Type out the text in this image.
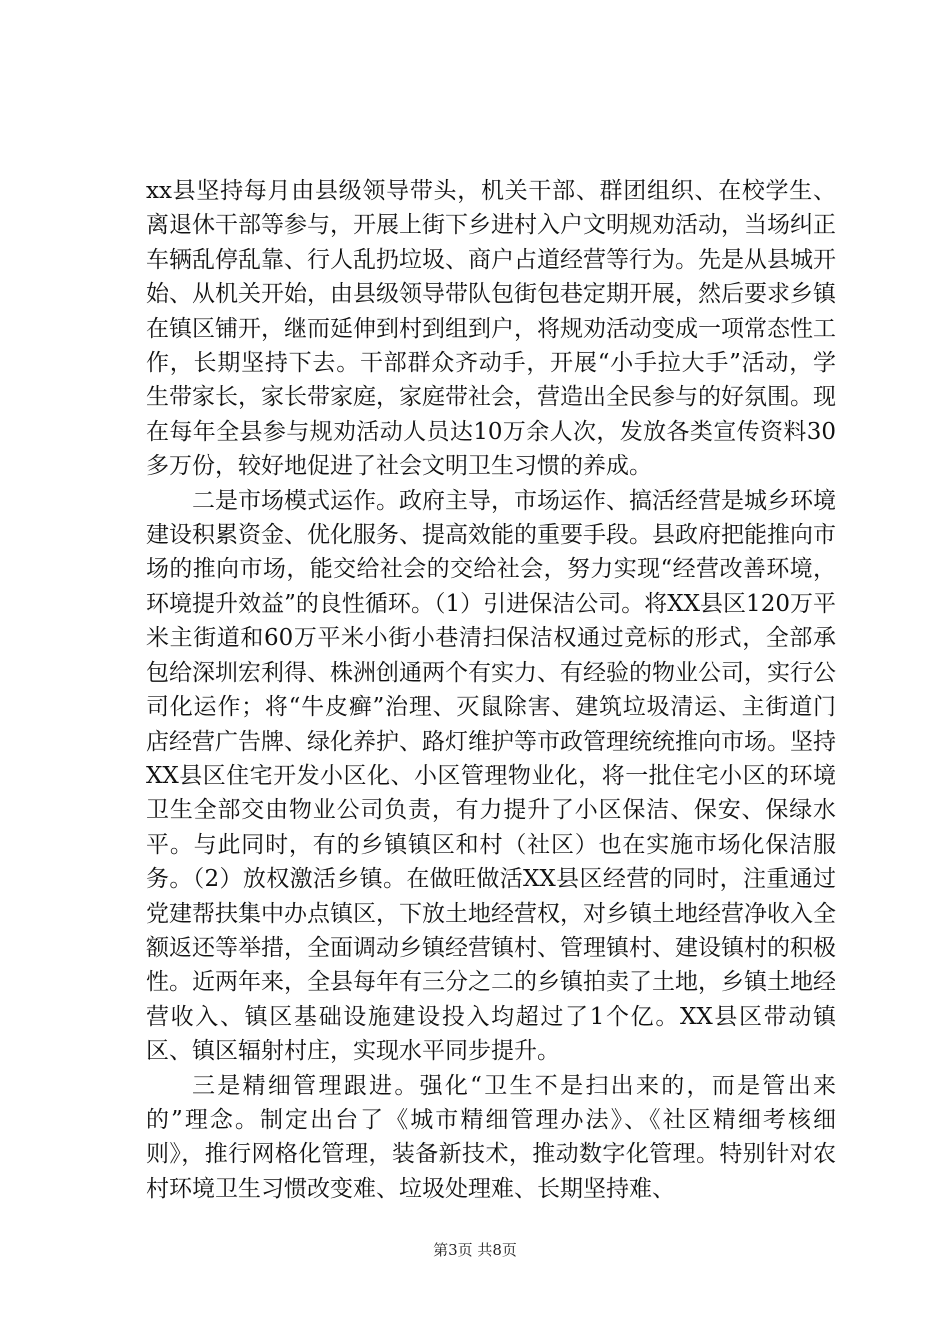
xx县坚持每月由县级领导带头，机关干部、群团组织、在校学生、离退休干部等参与，开展上街下乡进村入户文明规劝活动，当场纠正车辆乱停乱靠、行人乱扔垃圾、商户占道经营等行为。先是从县城开始、从机关开始，由县级领导带队包街包巷定期开展，然后要求乡镇在镇区铺开，继而延伸到村到组到户，将规劝活动变成一项常态性工作，长期坚持下去。干部群众齐动手，开展“小手拉大手”活动，学生带家长，家长带家庭，家庭带社会，营造出全民参与的好氛围。现在每年全县参与规劝活动人员达10万余人次，发放各类宣传资料30多万份，较好地促进了社会文明卫生习惯的养成。

二是市场模式运作。政府主导，市场运作、搞活经营是城乡环境建设积累资金、优化服务、提高效能的重要手段。县政府把能推向市场的推向市场，能交给社会的交给社会，努力实现“经营改善环境，环境提升效益”的良性循环。（1）引进保洁公司。将XX县区120万平米主街道和60万平米小街小巷清扫保洁权通过竞标的形式，全部承包给深圳宏利得、株洲创通两个有实力、有经验的物业公司，实行公司化运作；将“牛皮癣”治理、灭鼠除害、建筑垃圾清运、主街道门店经营广告牌、绿化养护、路灯维护等市政管理统统推向市场。坚持XX县区住宅开发小区化、小区管理物业化，将一批住宅小区的环境卫生全部交由物业公司负责，有力提升了小区保洁、保安、保绿水平。与此同时，有的乡镇镇区和村（社区）也在实施市场化保洁服务。（2）放权激活乡镇。在做旺做活XX县区经营的同时，注重通过党建帮扶集中办点镇区，下放土地经营权，对乡镇土地经营净收入全额返还等举措，全面调动乡镇经营镇村、管理镇村、建设镇村的积极性。近两年来，全县每年有三分之二的乡镇拍卖了土地，乡镇土地经营收入、镇区基础设施建设投入均超过了1个亿。XX县区带动镇区、镇区辐射村庄，实现水平同步提升。

三是精细管理跟进。强化“卫生不是扫出来的，而是管出来的”理念。制定出台了《城市精细管理办法》、《社区精细考核细则》，推行网格化管理，装备新技术，推动数字化管理。特别针对农村环境卫生习惯改变难、垃圾处理难、长期坚持难、

第3页 共8页
